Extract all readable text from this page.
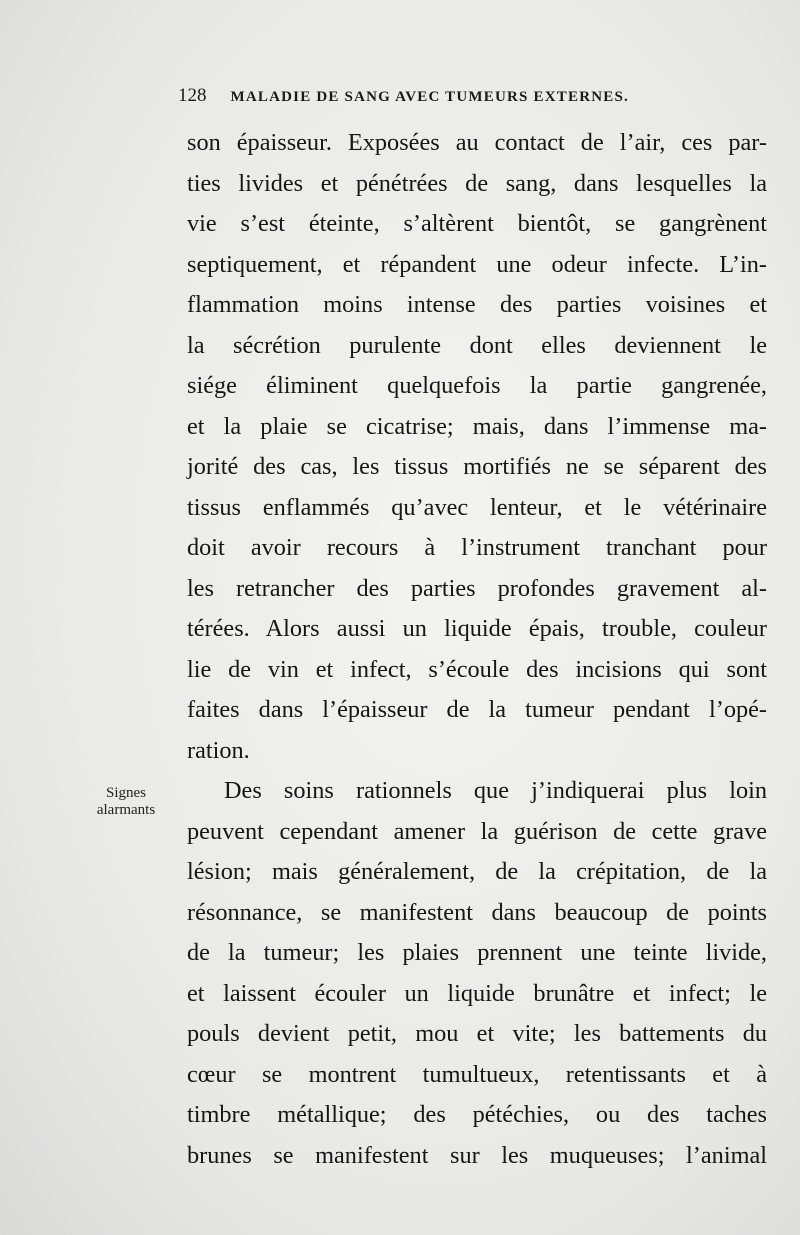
128 MALADIE DE SANG AVEC TUMEURS EXTERNES.
Signes
alarmants
son épaisseur. Exposées au contact de l’air, ces par-
ties livides et pénétrées de sang, dans lesquelles la
vie s’est éteinte, s’altèrent bientôt, se gangrènent
septiquement, et répandent une odeur infecte. L’in-
flammation moins intense des parties voisines et
la sécrétion purulente dont elles deviennent le
siége éliminent quelquefois la partie gangrenée,
et la plaie se cicatrise; mais, dans l’immense ma-
jorité des cas, les tissus mortifiés ne se séparent des
tissus enflammés qu’avec lenteur, et le vétérinaire
doit avoir recours à l’instrument tranchant pour
les retrancher des parties profondes gravement al-
térées. Alors aussi un liquide épais, trouble, couleur
lie de vin et infect, s’écoule des incisions qui sont
faites dans l’épaisseur de la tumeur pendant l’opé-
ration.
Des soins rationnels que j’indiquerai plus loin
peuvent cependant amener la guérison de cette grave
lésion; mais généralement, de la crépitation, de la
résonnance, se manifestent dans beaucoup de points
de la tumeur; les plaies prennent une teinte livide,
et laissent écouler un liquide brunâtre et infect; le
pouls devient petit, mou et vite; les battements du
cœur se montrent tumultueux, retentissants et à
timbre métallique; des pétéchies, ou des taches
brunes se manifestent sur les muqueuses; l’animal
